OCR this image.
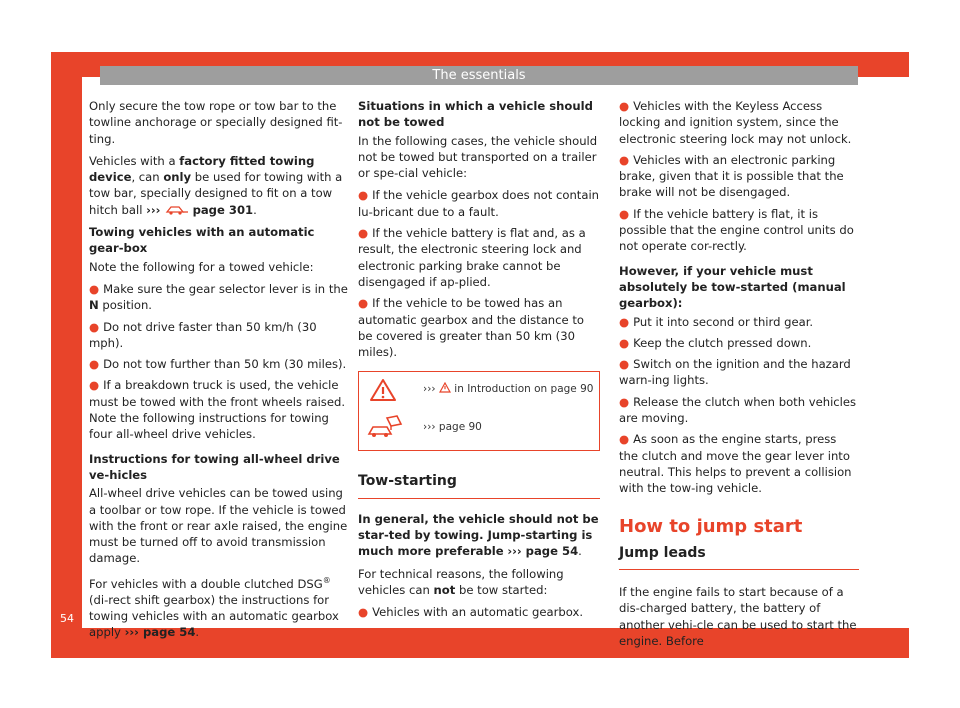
The essentials
54

Only secure the tow rope or tow bar to the towline anchorage or specially designed fit-ting.

Vehicles with a factory fitted towing device, can only be used for towing with a tow bar, specially designed to fit on a tow hitch ball ›››	page 301.

Towing vehicles with an automatic gear-box

Note the following for a towed vehicle:

● Make sure the gear selector lever is in the N position.

● Do not drive faster than 50 km/h (30 mph).

● Do not tow further than 50 km (30 miles).

● If a breakdown truck is used, the vehicle must be towed with the front wheels raised. Note the following instructions for towing four all-wheel drive vehicles.

Instructions for towing all-wheel drive ve-hicles

All-wheel drive vehicles can be towed using a toolbar or tow rope. If the vehicle is towed with the front or rear axle raised, the engine must be turned off to avoid transmission damage.

For vehicles with a double clutched DSG® (di-rect shift gearbox) the instructions for towing vehicles with an automatic gearbox apply ››› page 54.

Situations in which a vehicle should not be towed

In the following cases, the vehicle should not be towed but transported on a trailer or spe-cial vehicle:

● If the vehicle gearbox does not contain lu-bricant due to a fault.

● If the vehicle battery is flat and, as a result, the electronic steering lock and electronic parking brake cannot be disengaged if ap-plied.

● If the vehicle to be towed has an automatic gearbox and the distance to be covered is greater than 50 km (30 miles).

››› in Introduction on page 90
››› page 90
Tow-starting

In general, the vehicle should not be star-ted by towing. Jump-starting is much more preferable ››› page 54.

For technical reasons, the following vehicles can not be tow started:

● Vehicles with an automatic gearbox.

● Vehicles with the Keyless Access locking and ignition system, since the electronic steering lock may not unlock.

● Vehicles with an electronic parking brake, given that it is possible that the brake will not be disengaged.

● If the vehicle battery is flat, it is possible that the engine control units do not operate cor-rectly.

However, if your vehicle must absolutely be tow-started (manual gearbox):

● Put it into second or third gear.

● Keep the clutch pressed down.

● Switch on the ignition and the hazard warn-ing lights.

● Release the clutch when both vehicles are moving.

● As soon as the engine starts, press the clutch and move the gear lever into neutral. This helps to prevent a collision with the tow-ing vehicle.

How to jump start
Jump leads

If the engine fails to start because of a dis-charged battery, the battery of another vehi-cle can be used to start the engine. Before
